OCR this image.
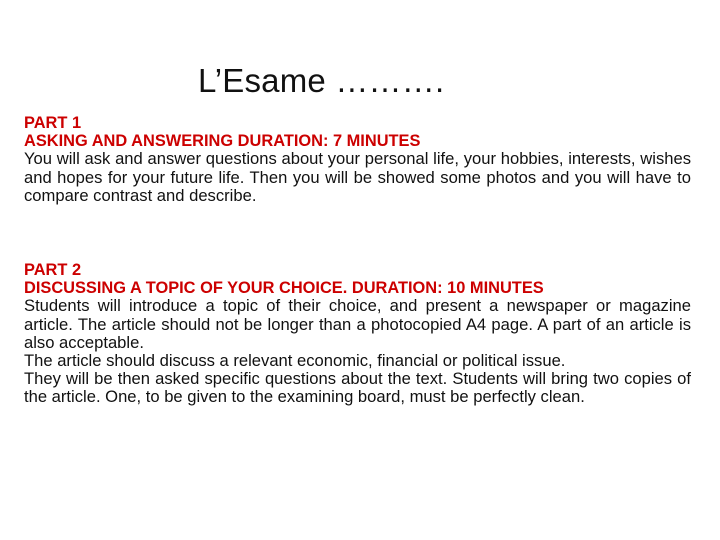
L’Esame ……….
PART 1
ASKING AND ANSWERING DURATION: 7 MINUTES

You will ask and answer questions about your personal life, your hobbies, interests, wishes and hopes for your future life. Then you will be showed some photos and you will have to compare contrast and describe.

PART 2
DISCUSSING A TOPIC OF YOUR CHOICE. DURATION: 10 MINUTES

Students will introduce a topic of their choice, and present a newspaper or magazine article. The article should not be longer than a photocopied A4 page. A part of an article is also acceptable.

The article should discuss a relevant economic, financial or political issue.

They will be then asked specific questions about the text. Students will bring two copies of the article. One, to be given to the examining board, must be perfectly clean.
